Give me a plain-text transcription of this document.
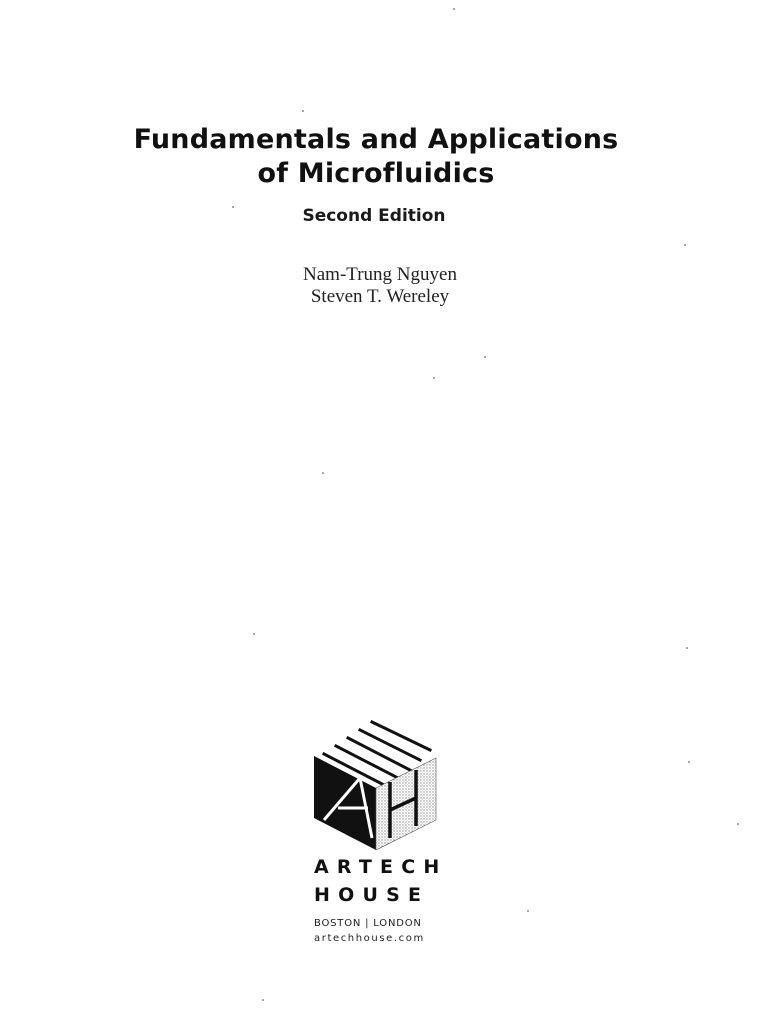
Fundamentals and Applications
of Microfluidics
Second Edition
Nam-Trung Nguyen
Steven T. Wereley
ARTECH
HOUSE
BOSTON | LONDON
artechhouse.com
